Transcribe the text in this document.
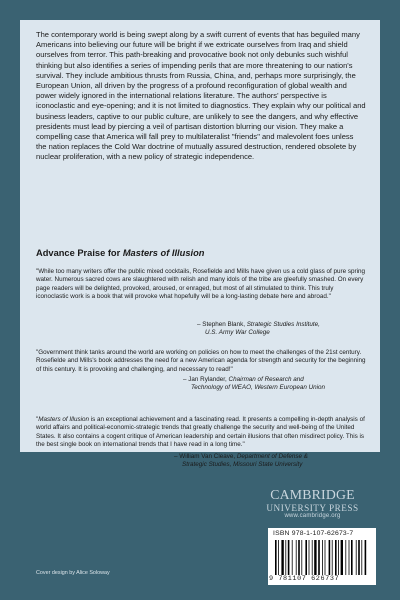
The contemporary world is being swept along by a swift current of events that has beguiled many Americans into believing our future will be bright if we extricate ourselves from Iraq and shield ourselves from terror. This path-breaking and provocative book not only debunks such wishful thinking but also identifies a series of impending perils that are more threatening to our nation's survival. They include ambitious thrusts from Russia, China, and, perhaps more surprisingly, the European Union, all driven by the progress of a profound reconfiguration of global wealth and power widely ignored in the international relations literature. The authors' perspective is iconoclastic and eye-opening; and it is not limited to diagnostics. They explain why our political and business leaders, captive to our public culture, are unlikely to see the dangers, and why effective presidents must lead by piercing a veil of partisan distortion blurring our vision. They make a compelling case that America will fall prey to multilateralist "friends" and malevolent foes unless the nation replaces the Cold War doctrine of mutually assured destruction, rendered obsolete by nuclear proliferation, with a new policy of strategic independence.

Advance Praise for Masters of Illusion

"While too many writers offer the public mixed cocktails, Rosefielde and Mills have given us a cold glass of pure spring water. Numerous sacred cows are slaughtered with relish and many idols of the tribe are gleefully smashed. On every page readers will be delighted, provoked, aroused, or enraged, but most of all stimulated to think. This truly iconoclastic work is a book that will provoke what hopefully will be a long-lasting debate here and abroad."

– Stephen Blank, Strategic Studies Institute,
U.S. Army War College

"Government think tanks around the world are working on policies on how to meet the challenges of the 21st century. Rosefielde and Mills's book addresses the need for a new American agenda for strength and security for the beginning of this century. It is provoking and challenging, and necessary to read!"

– Jan Rylander, Chairman of Research and
Technology of WEAO, Western European Union

"Masters of Illusion is an exceptional achievement and a fascinating read. It presents a compelling in-depth analysis of world affairs and political-economic-strategic trends that greatly challenge the security and well-being of the United States. It also contains a cogent critique of American leadership and certain illusions that often misdirect policy. This is the best single book on international trends that I have read in a long time."

– William Van Cleave, Department of Defense &
Strategic Studies, Missouri State University

CAMBRIDGE

UNIVERSITY PRESS

www.cambridge.org

ISBN 978-1-107-62673-7

9 781107 626737

Cover design by Alice Soloway
